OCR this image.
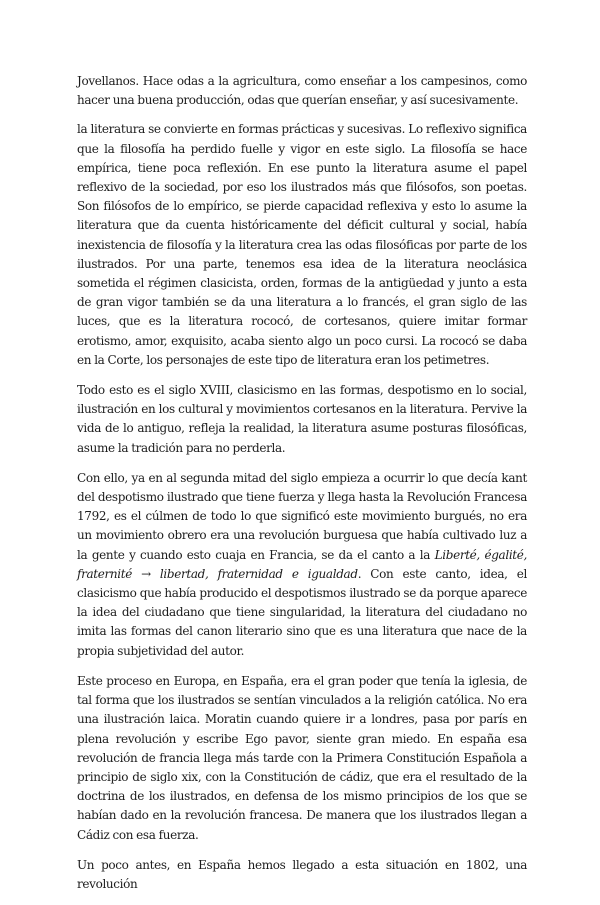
Jovellanos. Hace odas a la agricultura, como enseñar a los campesinos, como hacer una buena producción, odas que querían enseñar, y así sucesivamente.

la literatura se convierte en formas prácticas y sucesivas. Lo reflexivo significa que la filosofía ha perdido fuelle y vigor en este siglo. La filosofía se hace empírica, tiene poca reflexión. En ese punto la literatura asume el papel reflexivo de la sociedad, por eso los ilustrados más que filósofos, son poetas. Son filósofos de lo empírico, se pierde capacidad reflexiva y esto lo asume la literatura que da cuenta históricamente del déficit cultural y social, había inexistencia de filosofía y la literatura crea las odas filosóficas por parte de los ilustrados. Por una parte, tenemos esa idea de la literatura neoclásica sometida el régimen clasicista, orden, formas de la antigüedad y junto a esta de gran vigor también se da una literatura a lo francés, el gran siglo de las luces, que es la literatura rococó, de cortesanos, quiere imitar formar erotismo, amor, exquisito, acaba siento algo un poco cursi. La rococó se daba en la Corte, los personajes de este tipo de literatura eran los petimetres.

Todo esto es el siglo XVIII, clasicismo en las formas, despotismo en lo social, ilustración en los cultural y movimientos cortesanos en la literatura. Pervive la vida de lo antiguo, refleja la realidad, la literatura asume posturas filosóficas, asume la tradición para no perderla.

Con ello, ya en al segunda mitad del siglo empieza a ocurrir lo que decía kant del despotismo ilustrado que tiene fuerza y llega hasta la Revolución Francesa 1792, es el cúlmen de todo lo que significó este movimiento burgués, no era un movimiento obrero era una revolución burguesa que había cultivado luz a la gente y cuando esto cuaja en Francia, se da el canto a la Liberté, égalité, fraternité → libertad, fraternidad e igualdad. Con este canto, idea, el clasicismo que había producido el despotismos ilustrado se da porque aparece la idea del ciudadano que tiene singularidad, la literatura del ciudadano no imita las formas del canon literario sino que es una literatura que nace de la propia subjetividad del autor.

Este proceso en Europa, en España, era el gran poder que tenía la iglesia, de tal forma que los ilustrados se sentían vinculados a la religión católica. No era una ilustración laica. Moratin cuando quiere ir a londres, pasa por parís en plena revolución y escribe Ego pavor, siente gran miedo. En españa esa revolución de francia llega más tarde con la Primera Constitución Española a principio de siglo xix, con la Constitución de cádiz, que era el resultado de la doctrina de los ilustrados, en defensa de los mismo principios de los que se habían dado en la revolución francesa. De manera que los ilustrados llegan a Cádiz con esa fuerza.

Un poco antes, en España hemos llegado a esta situación en 1802, una revolución
